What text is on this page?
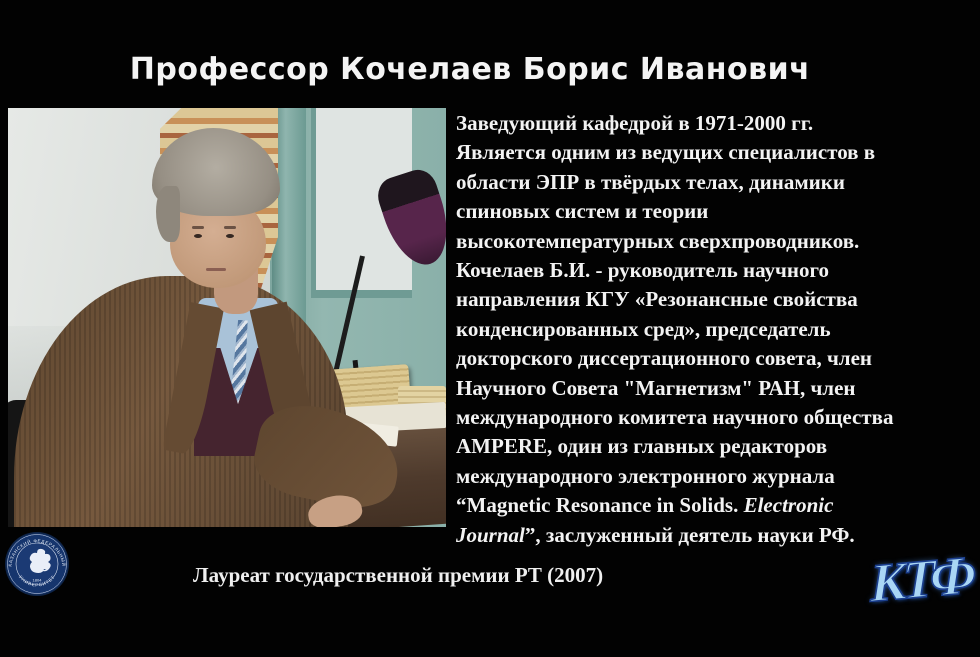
Профессор Кочелаев Борис Иванович
Заведующий кафедрой в 1971-2000 гг.
Является одним из ведущих специалистов в
области ЭПР в твёрдых телах, динамики
спиновых систем и теории
высокотемпературных сверхпроводников.
Кочелаев Б.И. - руководитель научного
направления КГУ «Резонансные свойства
конденсированных сред», председатель
докторского диссертационного совета, член
Научного Совета "Магнетизм" РАН, член
международного комитета научного общества
AMPERE, один из главных редакторов
международного электронного журнала
“Magnetic Resonance in Solids. Electronic
Journal”, заслуженный деятель науки РФ.
Лауреат государственной премии РТ (2007)
КАЗАНСКИЙ ФЕДЕРАЛЬНЫЙ
УНИВЕРСИТЕТ
1804	КТФ
